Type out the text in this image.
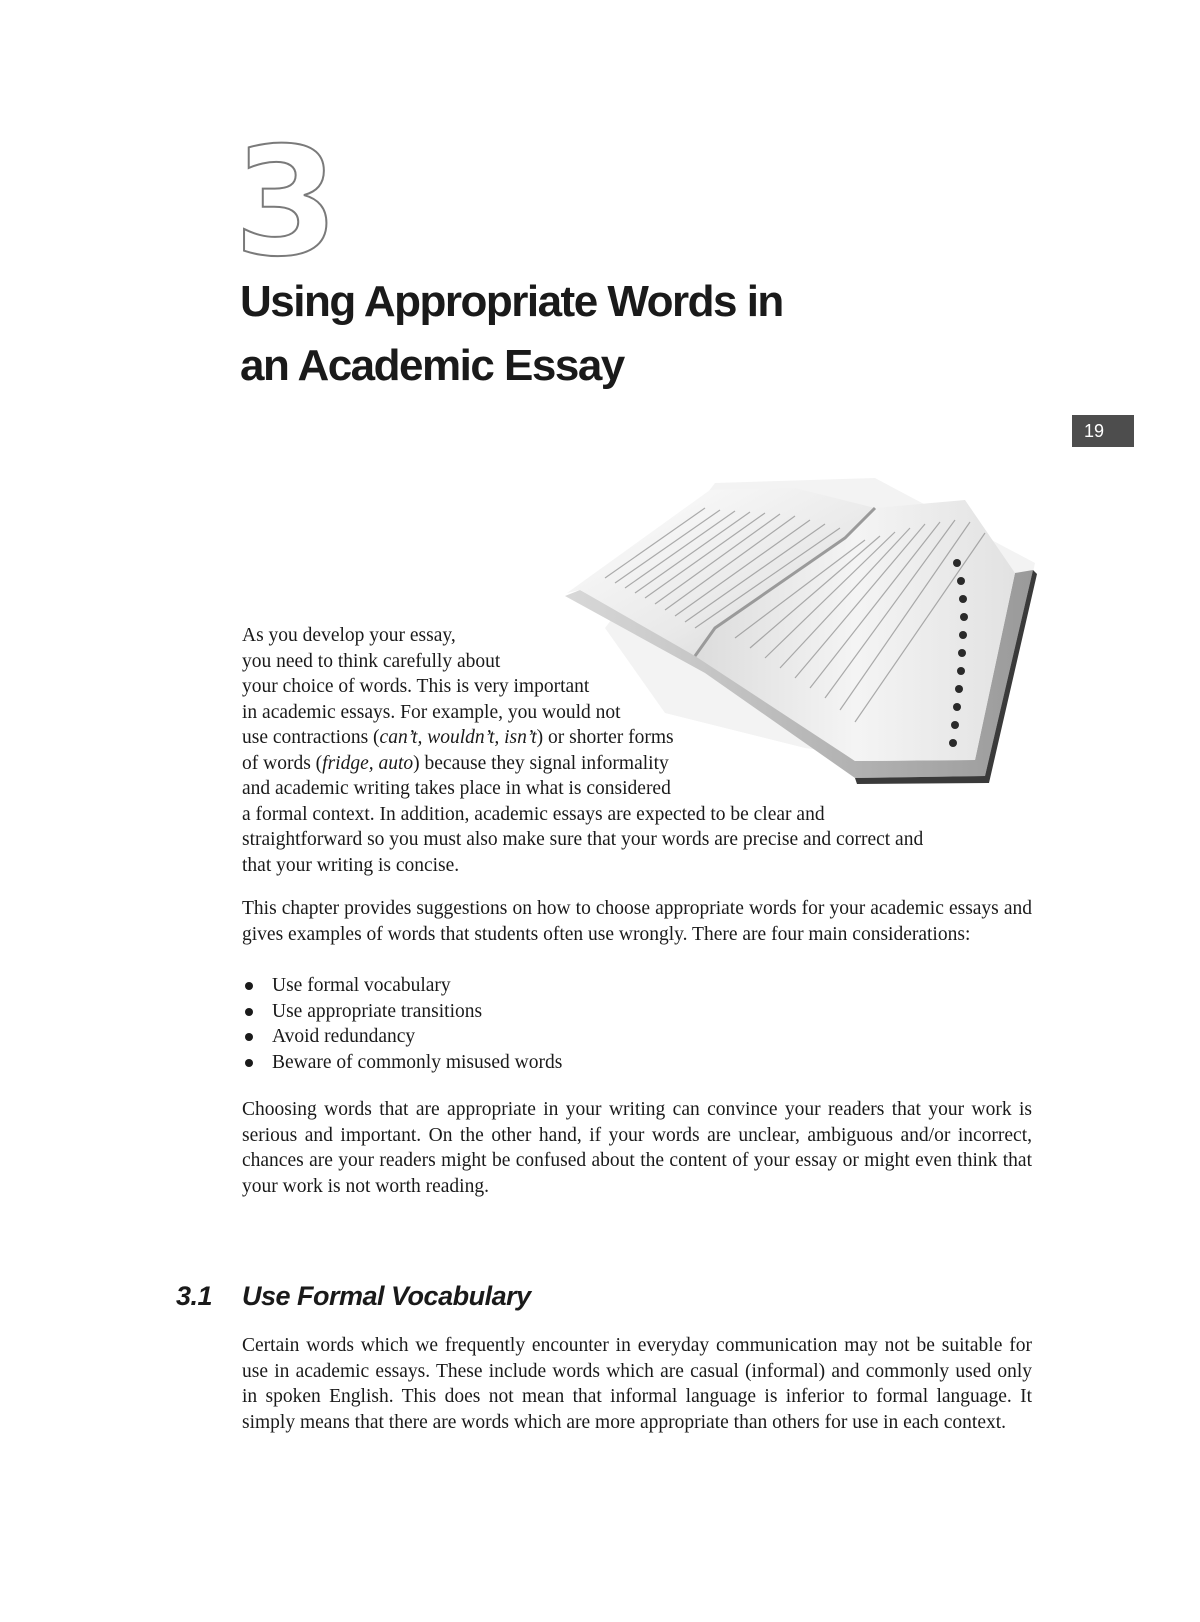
3
Using Appropriate Words in
an Academic Essay
19
As you develop your essay,
you need to think carefully about
your choice of words. This is very important
in academic essays. For example, you would not
use contractions (can’t, wouldn’t, isn’t) or shorter forms
of words (fridge, auto) because they signal informality
and academic writing takes place in what is considered
a formal context. In addition, academic essays are expected to be clear and
straightforward so you must also make sure that your words are precise and correct and
that your writing is concise.

This chapter provides suggestions on how to choose appropriate words for your academic essays and gives examples of words that students often use wrongly. There are four main considerations:

Use formal vocabulary
Use appropriate transitions
Avoid redundancy
Beware of commonly misused words

Choosing words that are appropriate in your writing can convince your readers that your work is serious and important. On the other hand, if your words are unclear, ambiguous and/or incorrect, chances are your readers might be confused about the content of your essay or might even think that your work is not worth reading.

3.1 Use Formal Vocabulary

Certain words which we frequently encounter in everyday communication may not be suitable for use in academic essays. These include words which are casual (informal) and commonly used only in spoken English. This does not mean that informal language is inferior to formal language. It simply means that there are words which are more appropriate than others for use in each context.
